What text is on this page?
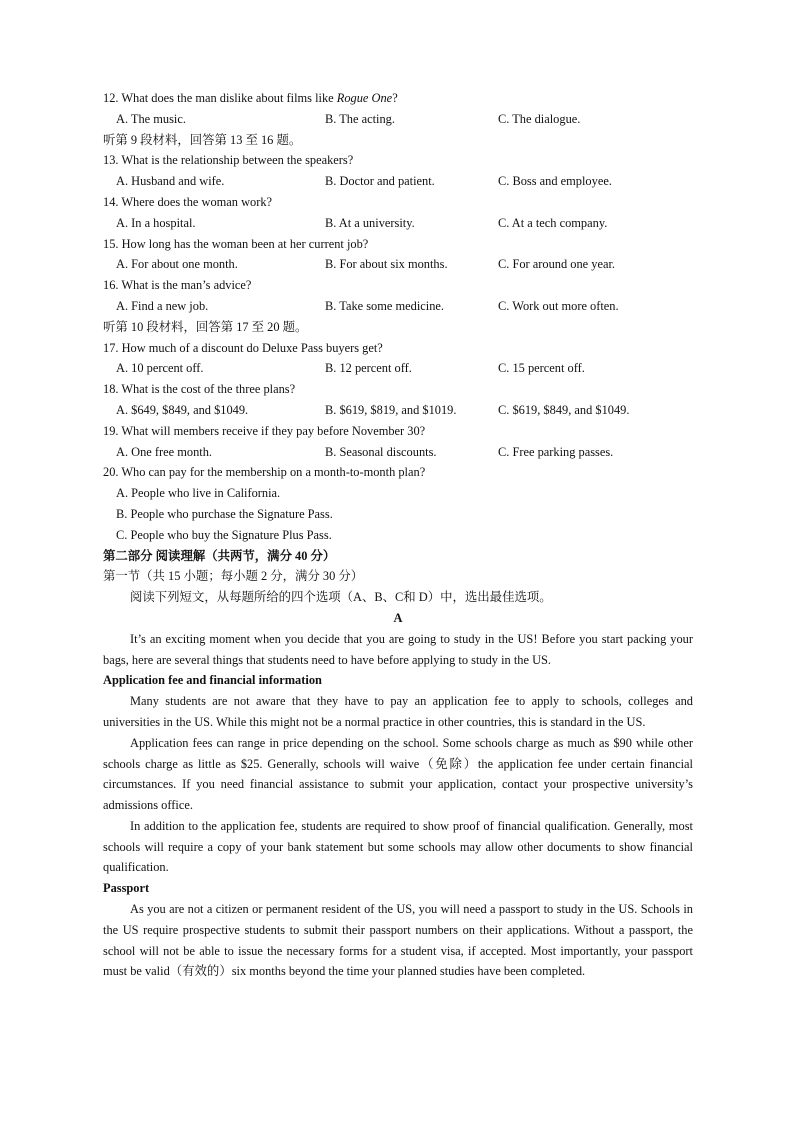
12. What does the man dislike about films like Rogue One?
A. The music.	B. The acting.	C. The dialogue.
听第 9 段材料，回答第 13 至 16 题。
13. What is the relationship between the speakers?
A. Husband and wife.	B. Doctor and patient.	C. Boss and employee.
14. Where does the woman work?
A. In a hospital.	B. At a university.	C. At a tech company.
15. How long has the woman been at her current job?
A. For about one month.	B. For about six months.	C. For around one year.
16. What is the man’s advice?
A. Find a new job.	B. Take some medicine.	C. Work out more often.
听第 10 段材料，回答第 17 至 20 题。
17. How much of a discount do Deluxe Pass buyers get?
A. 10 percent off.	B. 12 percent off.	C. 15 percent off.
18. What is the cost of the three plans?
A. $649, $849, and $1049.	B. $619, $819, and $1019.	C. $619, $849, and $1049.
19. What will members receive if they pay before November 30?
A. One free month.	B. Seasonal discounts.	C. Free parking passes.
20. Who can pay for the membership on a month-to-month plan?
A. People who live in California.
B. People who purchase the Signature Pass.
C. People who buy the Signature Plus Pass.
第二部分 阅读理解（共两节，满分 40 分）
第一节（共 15 小题；每小题 2 分，满分 30 分）
阅读下列短文，从每题所给的四个选项（A、B、C和 D）中，选出最佳选项。
A

It’s an exciting moment when you decide that you are going to study in the US! Before you start packing your bags, here are several things that students need to have before applying to study in the US.

Application fee and financial information

Many students are not aware that they have to pay an application fee to apply to schools, colleges and universities in the US. While this might not be a normal practice in other countries, this is standard in the US.

Application fees can range in price depending on the school. Some schools charge as much as $90 while other schools charge as little as $25. Generally, schools will waive（免除）the application fee under certain financial circumstances. If you need financial assistance to submit your application, contact your prospective university’s admissions office.

In addition to the application fee, students are required to show proof of financial qualification. Generally, most schools will require a copy of your bank statement but some schools may allow other documents to show financial qualification.

Passport

As you are not a citizen or permanent resident of the US, you will need a passport to study in the US. Schools in the US require prospective students to submit their passport numbers on their applications. Without a passport, the school will not be able to issue the necessary forms for a student visa, if accepted. Most importantly, your passport must be valid（有效的）six months beyond the time your planned studies have been completed.
